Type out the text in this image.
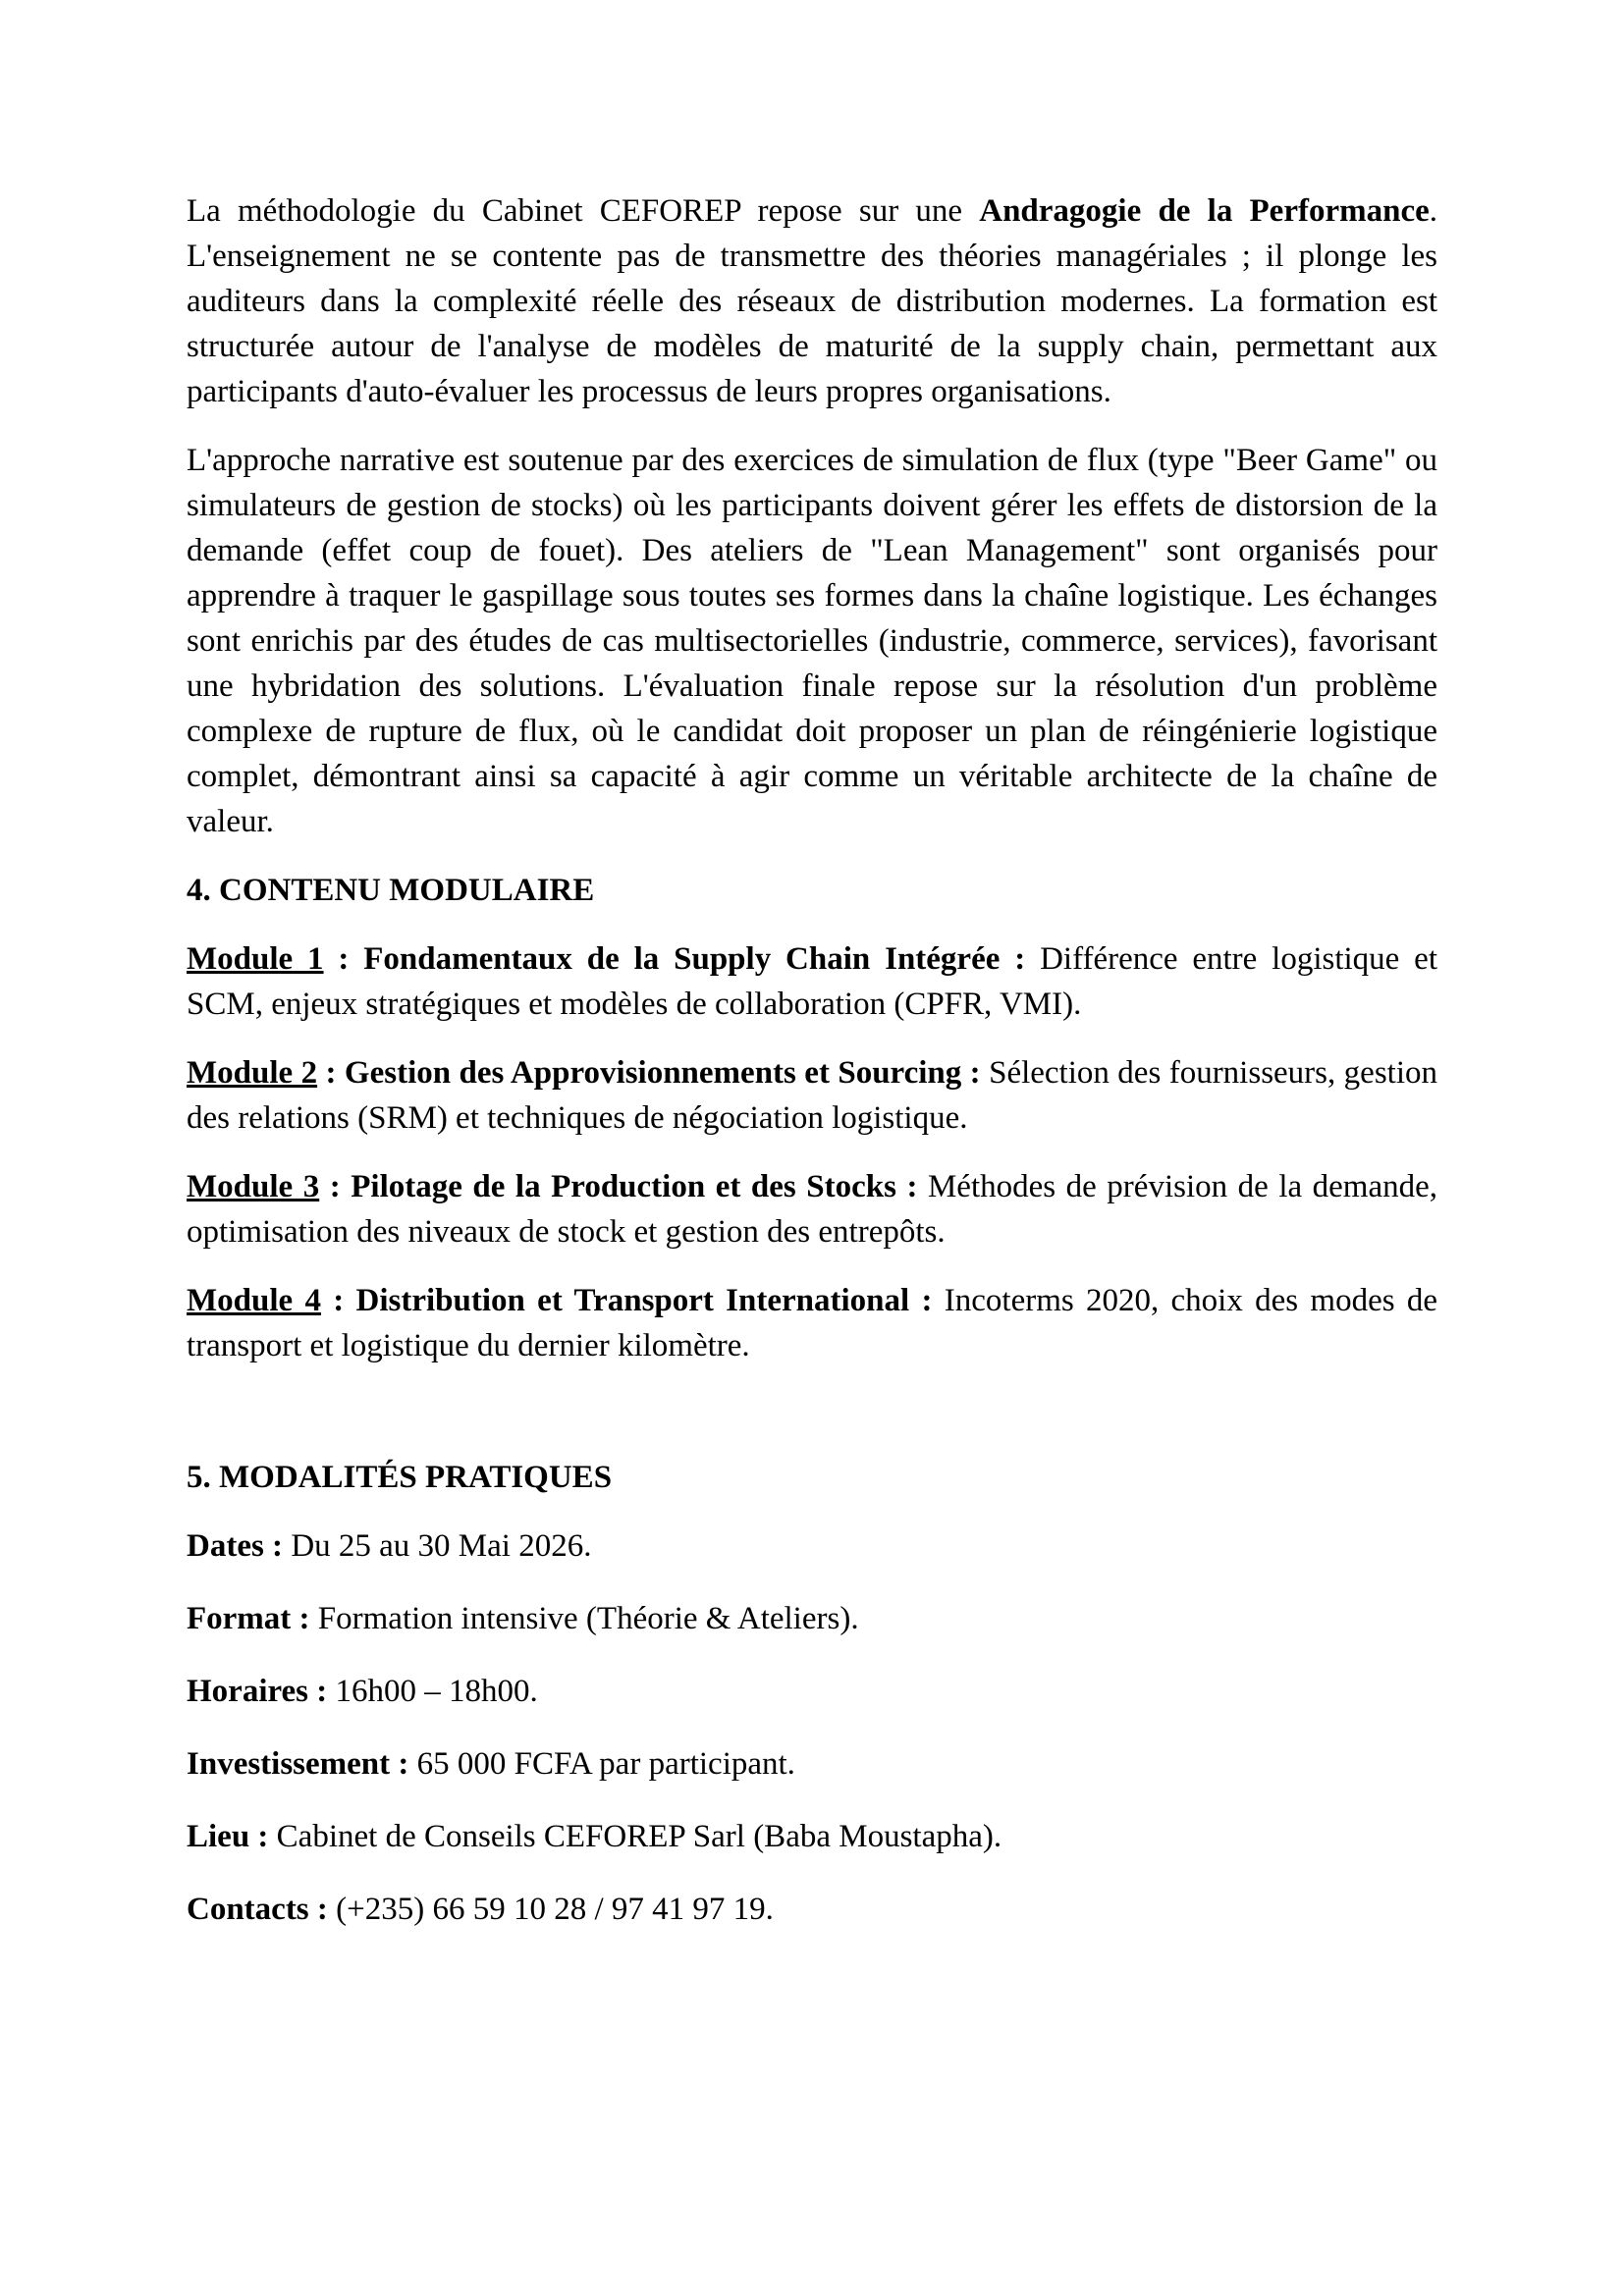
La méthodologie du Cabinet CEFOREP repose sur une Andragogie de la Performance. L'enseignement ne se contente pas de transmettre des théories managériales ; il plonge les auditeurs dans la complexité réelle des réseaux de distribution modernes. La formation est structurée autour de l'analyse de modèles de maturité de la supply chain, permettant aux participants d'auto-évaluer les processus de leurs propres organisations.

L'approche narrative est soutenue par des exercices de simulation de flux (type "Beer Game" ou simulateurs de gestion de stocks) où les participants doivent gérer les effets de distorsion de la demande (effet coup de fouet). Des ateliers de "Lean Management" sont organisés pour apprendre à traquer le gaspillage sous toutes ses formes dans la chaîne logistique. Les échanges sont enrichis par des études de cas multisectorielles (industrie, commerce, services), favorisant une hybridation des solutions. L'évaluation finale repose sur la résolution d'un problème complexe de rupture de flux, où le candidat doit proposer un plan de réingénierie logistique complet, démontrant ainsi sa capacité à agir comme un véritable architecte de la chaîne de valeur.

4. CONTENU MODULAIRE

Module 1 : Fondamentaux de la Supply Chain Intégrée : Différence entre logistique et SCM, enjeux stratégiques et modèles de collaboration (CPFR, VMI).

Module 2 : Gestion des Approvisionnements et Sourcing : Sélection des fournisseurs, gestion des relations (SRM) et techniques de négociation logistique.

Module 3 : Pilotage de la Production et des Stocks : Méthodes de prévision de la demande, optimisation des niveaux de stock et gestion des entrepôts.

Module 4 : Distribution et Transport International : Incoterms 2020, choix des modes de transport et logistique du dernier kilomètre.

5. MODALITÉS PRATIQUES

Dates : Du 25 au 30 Mai 2026.

Format : Formation intensive (Théorie & Ateliers).

Horaires : 16h00 – 18h00.

Investissement : 65 000 FCFA par participant.

Lieu : Cabinet de Conseils CEFOREP Sarl (Baba Moustapha).

Contacts : (+235) 66 59 10 28 / 97 41 97 19.
